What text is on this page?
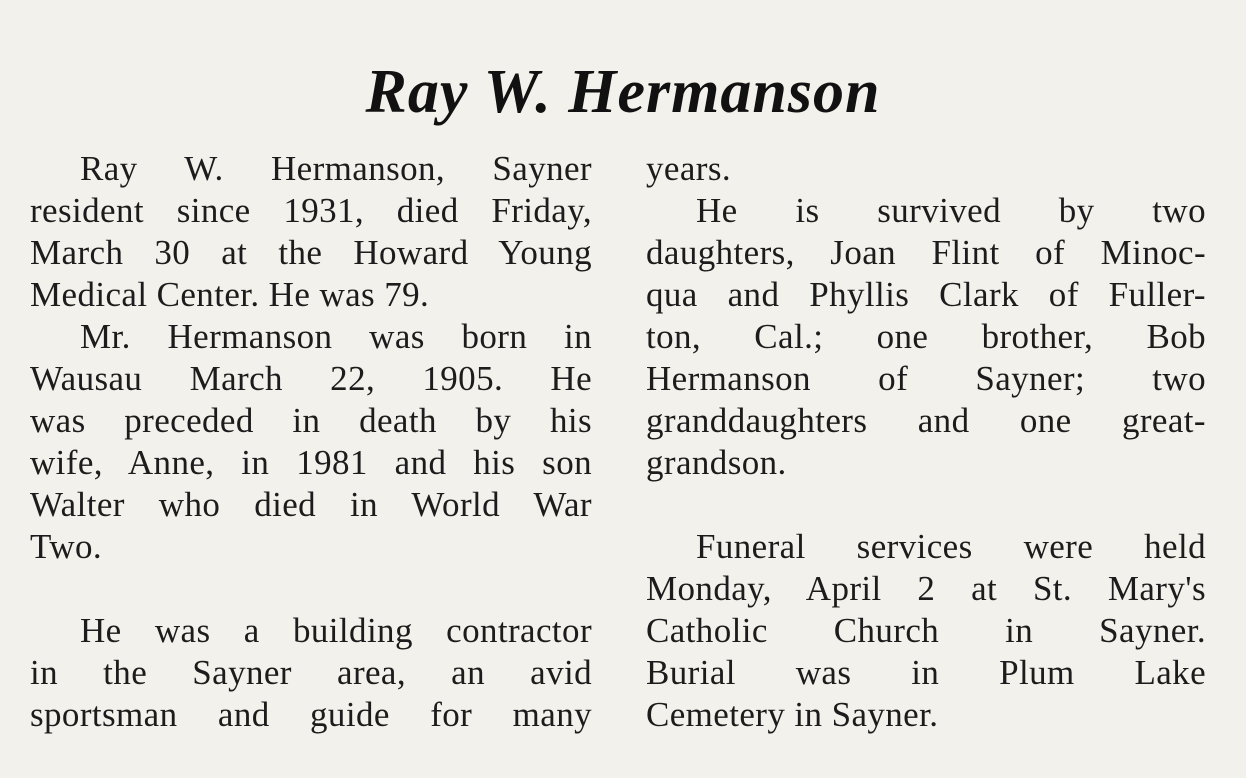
Ray W. Hermanson
Ray W. Hermanson, Sayner
resident since 1931, died Friday,
March 30 at the Howard Young
Medical Center. He was 79.
Mr. Hermanson was born in
Wausau March 22, 1905. He
was preceded in death by his
wife, Anne, in 1981 and his son
Walter who died in World War
Two.
He was a building contractor
in the Sayner area, an avid
sportsman and guide for many
years.
He is survived by two
daughters, Joan Flint of Minoc-
qua and Phyllis Clark of Fuller-
ton, Cal.; one brother, Bob
Hermanson of Sayner; two
granddaughters and one great-
grandson.
Funeral services were held
Monday, April 2 at St. Mary's
Catholic Church in Sayner.
Burial was in Plum Lake
Cemetery in Sayner.
